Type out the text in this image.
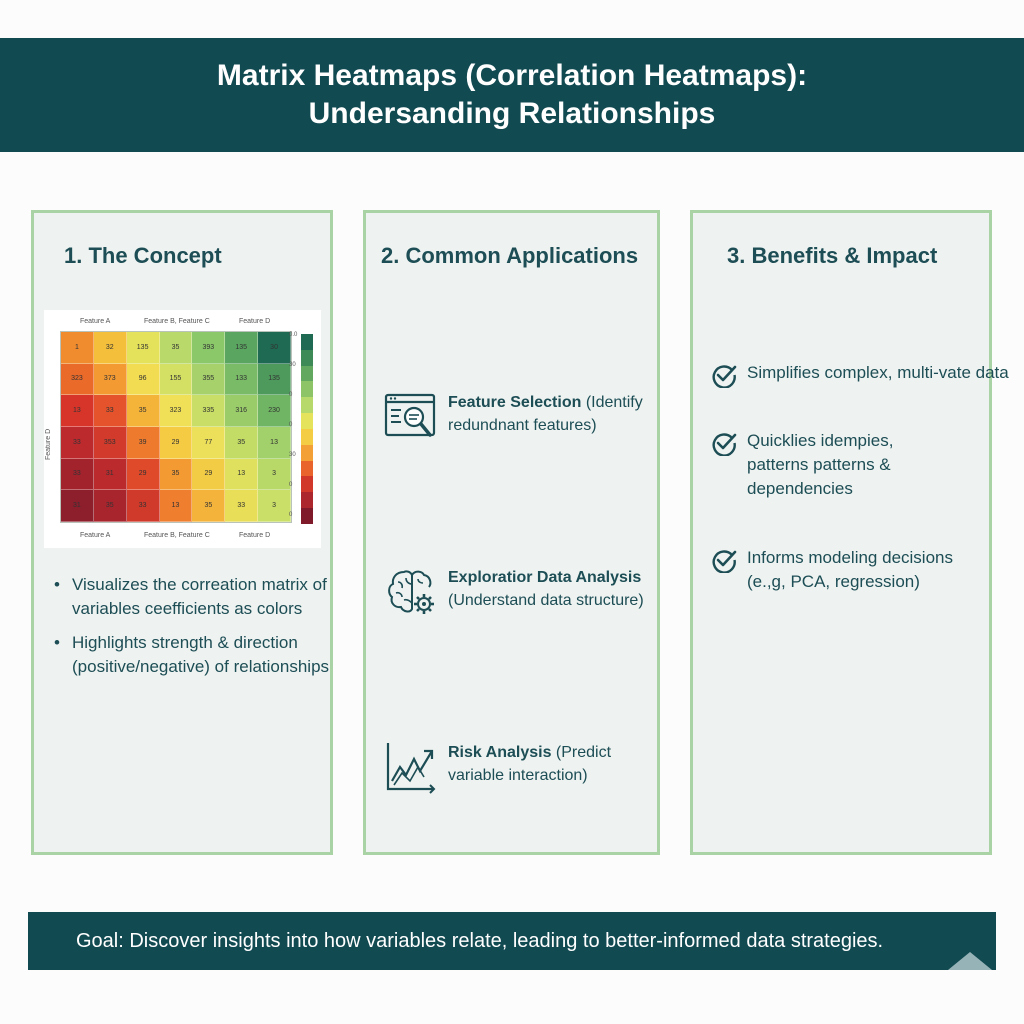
Matrix Heatmaps (Correlation Heatmaps):
Undersanding Relationships
1. The Concept
Feature A	Feature B, Feature C	Feature D
Feature D
1	32	135	35	393	135	30
323	373	96	155	355	133	135
13	33	35	323	335	316	230
33	353	39	29	77	35	13
33	31	29	35	29	13	3
31	35	33	13	35	33	3
Feature A	Feature B, Feature C	Feature D
0.0
30
0
0
30
0
0
• Visualizes the correation matrix of variables ceefficients as colors
• Highlights strength & direction (positive/negative) of relationships
2. Common Applications
Feature Selection (Identify redundnant features)
Exploratior Data Analysis (Understand data structure)
Risk Analysis (Predict variable interaction)
3. Benefits & Impact
Simplifies complex, multi-vate data
Quicklies idempies, patterns patterns & dependencies
Informs modeling decisions (e.,g, PCA, regression)
Goal: Discover insights into how variables relate, leading to better-informed data strategies.
